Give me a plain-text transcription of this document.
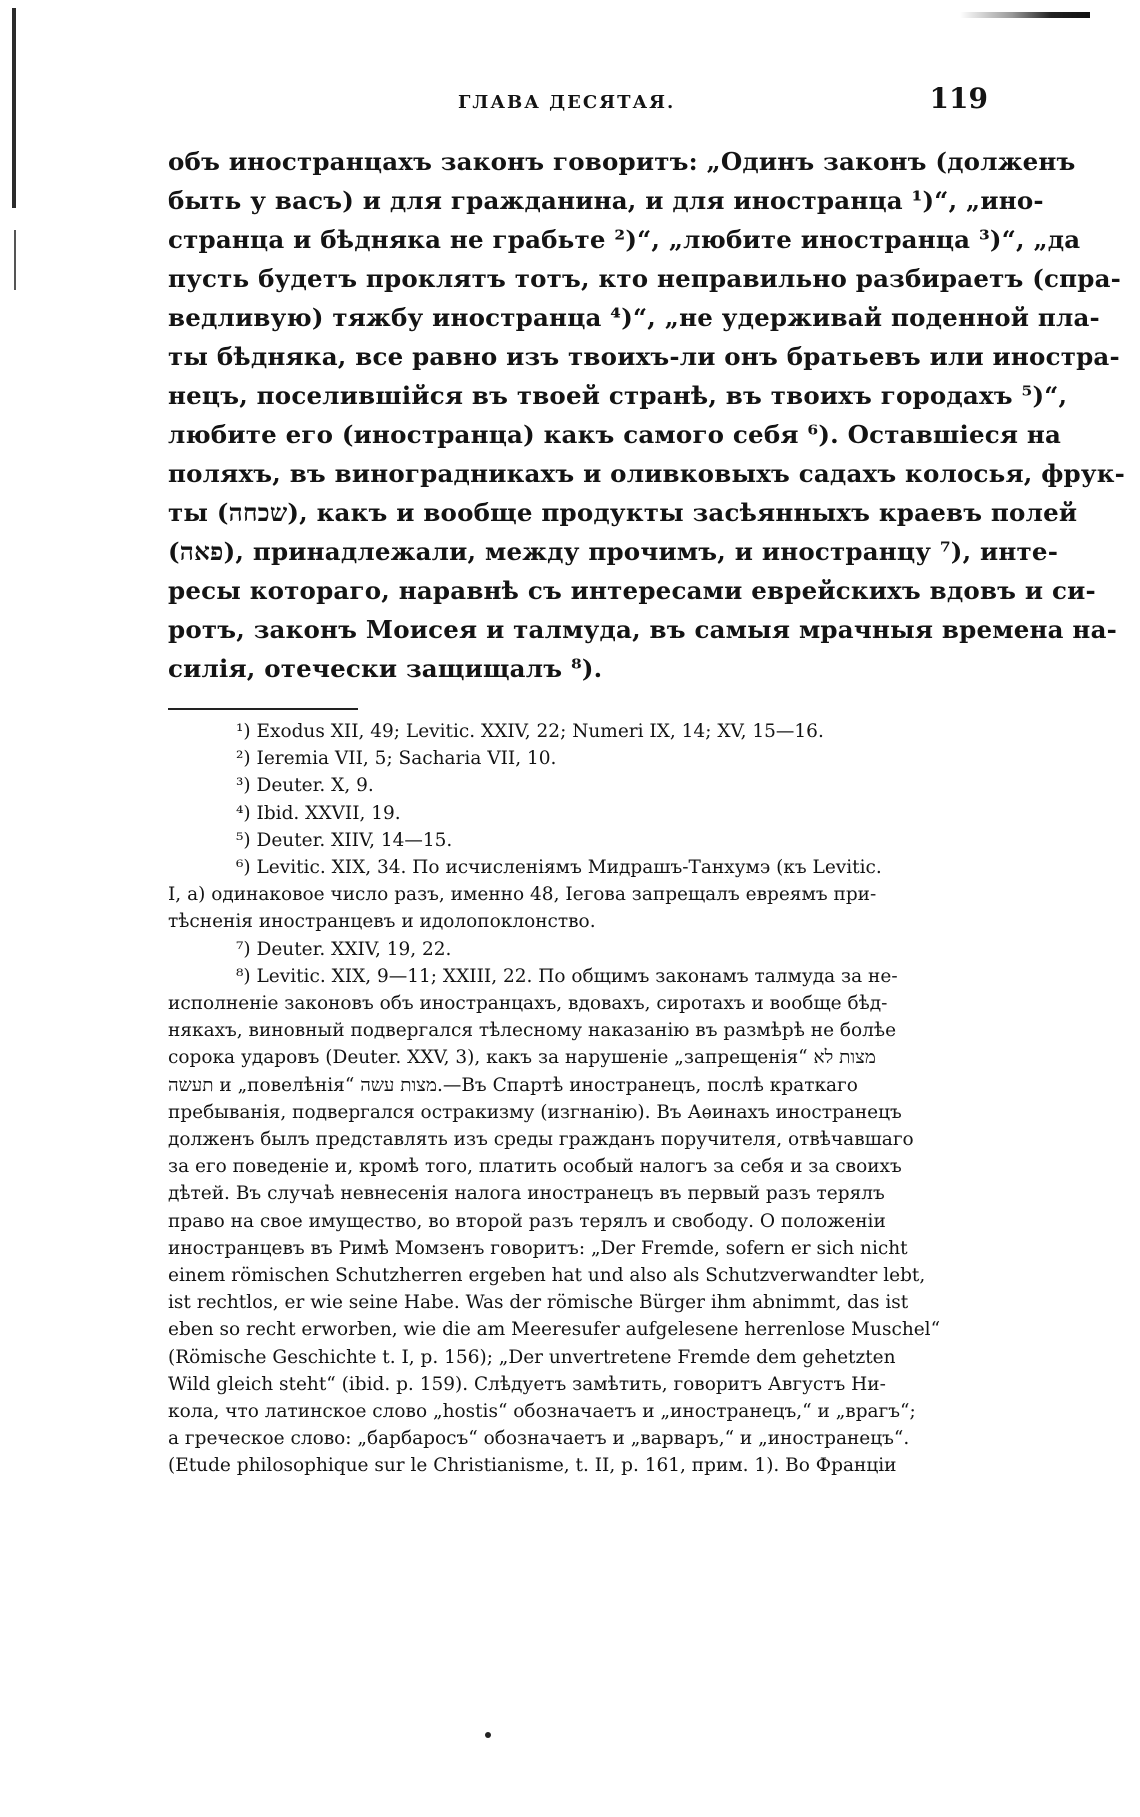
ГЛАВА ДЕСЯТАЯ.	119
объ иностранцахъ законъ говоритъ: „Одинъ законъ (долженъ
быть у васъ) и для гражданина, и для иностранца ¹)“, „ино-
странца и бѣдняка не грабьте ²)“, „любите иностранца ³)“, „да
пусть будетъ проклятъ тотъ, кто неправильно разбираетъ (спра-
ведливую) тяжбу иностранца ⁴)“, „не удерживай поденной пла-
ты бѣдняка, все равно изъ твоихъ-ли онъ братьевъ или иностра-
нецъ, поселившійся въ твоей странѣ, въ твоихъ городахъ ⁵)“,
любите его (иностранца) какъ самого себя ⁶). Оставшіеся на
поляхъ, въ виноградникахъ и оливковыхъ садахъ колосья, фрук-
ты (שכחה), какъ и вообще продукты засѣянныхъ краевъ полей
(פאה), принадлежали, между прочимъ, и иностранцу ⁷), инте-
ресы котораго, наравнѣ съ интересами еврейскихъ вдовъ и си-
ротъ, законъ Моисея и талмуда, въ самыя мрачныя времена на-
силія, отечески защищалъ ⁸).
¹) Exodus XII, 49; Levitic. XXIV, 22; Numeri IX, 14; XV, 15—16.
²) Ieremia VII, 5; Sacharia VII, 10.
³) Deuter. X, 9.
⁴) Ibid. XXVII, 19.
⁵) Deuter. XIIV, 14—15.
⁶) Levitic. XIX, 34. По исчисленіямъ Мидрашъ-Танхумэ (къ Levitic.
I, а) одинаковое число разъ, именно 48, Іегова запрещалъ евреямъ при-
тѣсненія иностранцевъ и идолопоклонство.
⁷) Deuter. XXIV, 19, 22.
⁸) Levitic. XIX, 9—11; XXIII, 22. По общимъ законамъ талмуда за не-
исполненіе законовъ объ иностранцахъ, вдовахъ, сиротахъ и вообще бѣд-
някахъ, виновный подвергался тѣлесному наказанію въ размѣрѣ не болѣе
сорока ударовъ (Deuter. XXV, 3), какъ за нарушеніе „запрещенія“ מצות לא
תעשה и „повелѣнія“ מצות עשה.—Въ Спартѣ иностранецъ, послѣ краткаго
пребыванія, подвергался остракизму (изгнанію). Въ Аѳинахъ иностранецъ
долженъ былъ представлять изъ среды гражданъ поручителя, отвѣчавшаго
за его поведеніе и, кромѣ того, платить особый налогъ за себя и за своихъ
дѣтей. Въ случаѣ невнесенія налога иностранецъ въ первый разъ терялъ
право на свое имущество, во второй разъ терялъ и свободу. О положеніи
иностранцевъ въ Римѣ Момзенъ говоритъ: „Der Fremde, sofern er sich nicht
einem römischen Schutzherren ergeben hat und also als Schutzverwandter lebt,
ist rechtlos, er wie seine Habe. Was der römische Bürger ihm abnimmt, das ist
eben so recht erworben, wie die am Meeresufer aufgelesene herrenlose Muschel“
(Römische Geschichte t. I, p. 156); „Der unvertretene Fremde dem gehetzten
Wild gleich steht“ (ibid. p. 159). Слѣдуетъ замѣтить, говоритъ Августъ Ни-
кола, что латинское слово „hostis“ обозначаетъ и „иностранецъ,“ и „врагъ“;
а греческое слово: „барбаросъ“ обозначаетъ и „варваръ,“ и „иностранецъ“.
(Etude philosophique sur le Christianisme, t. II, p. 161, прим. 1). Во Франціи
